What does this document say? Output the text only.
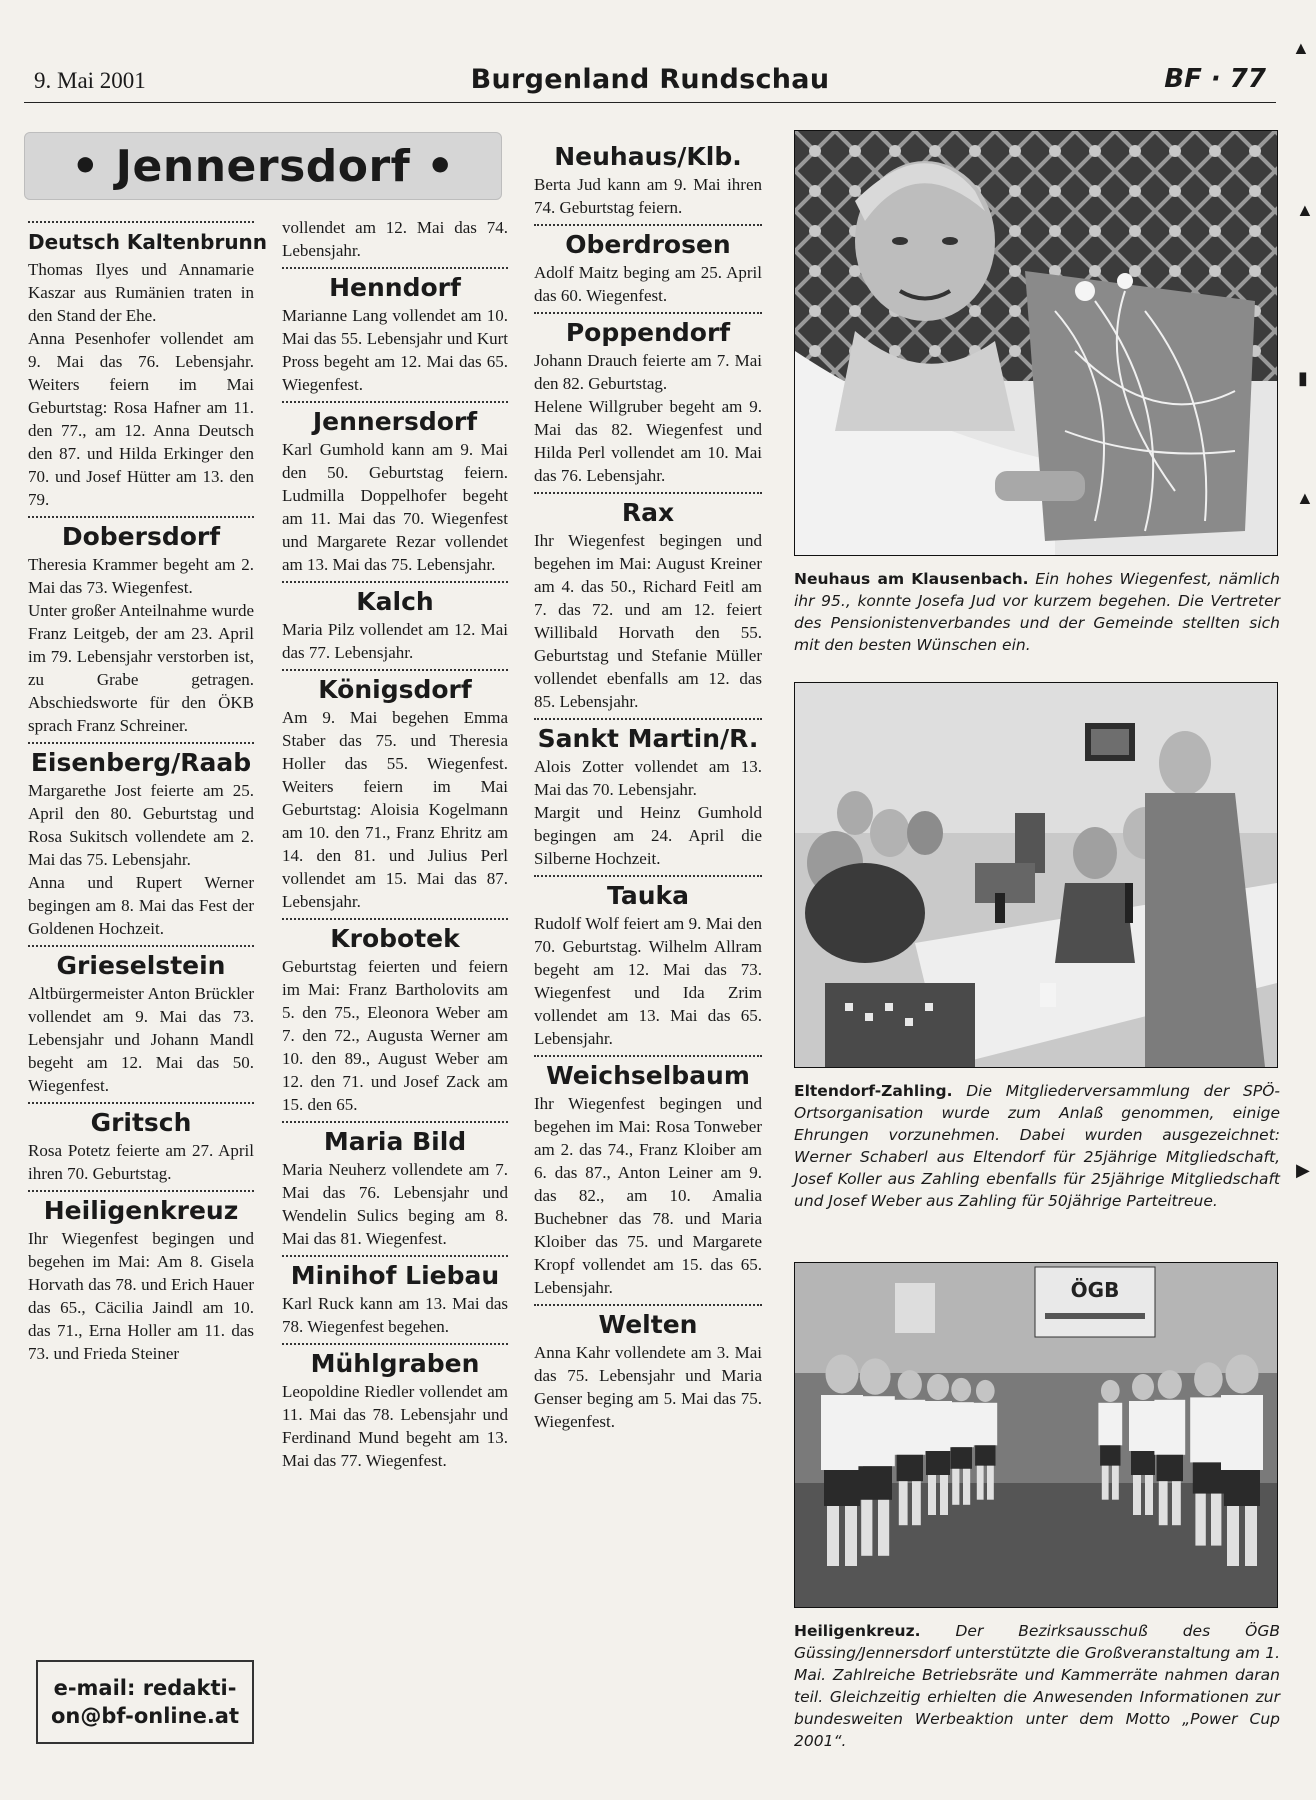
9. Mai 2001	Burgenland Rundschau	BF · 77
• Jennersdorf •
Deutsch Kaltenbrunn

Thomas Ilyes und Annamarie Kaszar aus Rumänien traten in den Stand der Ehe.

Anna Pesenhofer vollendet am 9. Mai das 76. Lebensjahr. Weiters feiern im Mai Geburtstag: Rosa Hafner am 11. den 77., am 12. Anna Deutsch den 87. und Hilda Erkinger den 70. und Josef Hütter am 13. den 79.

Dobersdorf

Theresia Krammer begeht am 2. Mai das 73. Wiegenfest.

Unter großer Anteilnahme wurde Franz Leitgeb, der am 23. April im 79. Lebensjahr verstorben ist, zu Grabe getragen. Abschiedsworte für den ÖKB sprach Franz Schreiner.

Eisenberg/Raab

Margarethe Jost feierte am 25. April den 80. Geburtstag und Rosa Sukitsch vollendete am 2. Mai das 75. Lebensjahr.

Anna und Rupert Werner begingen am 8. Mai das Fest der Goldenen Hochzeit.

Grieselstein

Altbürgermeister Anton Brückler vollendet am 9. Mai das 73. Lebensjahr und Johann Mandl begeht am 12. Mai das 50. Wiegenfest.

Gritsch

Rosa Potetz feierte am 27. April ihren 70. Geburtstag.

Heiligenkreuz

Ihr Wiegenfest begingen und begehen im Mai: Am 8. Gisela Horvath das 78. und Erich Hauer das 65., Cäcilia Jaindl am 10. das 71., Erna Holler am 11. das 73. und Frieda Steiner

vollendet am 12. Mai das 74. Lebensjahr.

Henndorf

Marianne Lang vollendet am 10. Mai das 55. Lebensjahr und Kurt Pross begeht am 12. Mai das 65. Wiegenfest.

Jennersdorf

Karl Gumhold kann am 9. Mai den 50. Geburtstag feiern. Ludmilla Doppelhofer begeht am 11. Mai das 70. Wiegenfest und Margarete Rezar vollendet am 13. Mai das 75. Lebensjahr.

Kalch

Maria Pilz vollendet am 12. Mai das 77. Lebensjahr.

Königsdorf

Am 9. Mai begehen Emma Staber das 75. und Theresia Holler das 55. Wiegenfest. Weiters feiern im Mai Geburtstag: Aloisia Kogelmann am 10. den 71., Franz Ehritz am 14. den 81. und Julius Perl vollendet am 15. Mai das 87. Lebensjahr.

Krobotek

Geburtstag feierten und feiern im Mai: Franz Bartholovits am 5. den 75., Eleonora Weber am 7. den 72., Augusta Werner am 10. den 89., August Weber am 12. den 71. und Josef Zack am 15. den 65.

Maria Bild

Maria Neuherz vollendete am 7. Mai das 76. Lebensjahr und Wendelin Sulics beging am 8. Mai das 81. Wiegenfest.

Minihof Liebau

Karl Ruck kann am 13. Mai das 78. Wiegenfest begehen.

Mühlgraben

Leopoldine Riedler vollendet am 11. Mai das 78. Lebensjahr und Ferdinand Mund begeht am 13. Mai das 77. Wiegenfest.

Neuhaus/Klb.

Berta Jud kann am 9. Mai ihren 74. Geburtstag feiern.

Oberdrosen

Adolf Maitz beging am 25. April das 60. Wiegenfest.

Poppendorf

Johann Drauch feierte am 7. Mai den 82. Geburtstag.

Helene Willgruber begeht am 9. Mai das 82. Wiegenfest und Hilda Perl vollendet am 10. Mai das 76. Lebensjahr.

Rax

Ihr Wiegenfest begingen und begehen im Mai: August Kreiner am 4. das 50., Richard Feitl am 7. das 72. und am 12. feiert Willibald Horvath den 55. Geburtstag und Stefanie Müller vollendet ebenfalls am 12. das 85. Lebensjahr.

Sankt Martin/R.

Alois Zotter vollendet am 13. Mai das 70. Lebensjahr.

Margit und Heinz Gumhold begingen am 24. April die Silberne Hochzeit.

Tauka

Rudolf Wolf feiert am 9. Mai den 70. Geburtstag. Wilhelm Allram begeht am 12. Mai das 73. Wiegenfest und Ida Zrim vollendet am 13. Mai das 65. Lebensjahr.

Weichselbaum

Ihr Wiegenfest begingen und begehen im Mai: Rosa Tonweber am 2. das 74., Franz Kloiber am 6. das 87., Anton Leiner am 9. das 82., am 10. Amalia Buchebner das 78. und Maria Kloiber das 75. und Margarete Kropf vollendet am 15. das 65. Lebensjahr.

Welten

Anna Kahr vollendete am 3. Mai das 75. Lebensjahr und Maria Genser beging am 5. Mai das 75. Wiegenfest.

e-mail: redakti-
on@bf-online.at
Neuhaus am Klausenbach. Ein hohes Wiegenfest, nämlich ihr 95., konnte Josefa Jud vor kurzem begehen. Die Vertreter des Pensionistenverbandes und der Gemeinde stellten sich mit den besten Wünschen ein.
Eltendorf-Zahling. Die Mitgliederversammlung der SPÖ-Ortsorganisation wurde zum Anlaß genommen, einige Ehrungen vorzunehmen. Dabei wurden ausgezeichnet: Werner Schaberl aus Eltendorf für 25jährige Mitgliedschaft, Josef Koller aus Zahling ebenfalls für 25jährige Mitgliedschaft und Josef Weber aus Zahling für 50jährige Parteitreue.
ÖGB
Heiligenkreuz. Der Bezirksausschuß des ÖGB Güssing/Jennersdorf unterstützte die Großveranstaltung am 1. Mai. Zahlreiche Betriebsräte und Kammerräte nahmen daran teil. Gleichzeitig erhielten die Anwesenden Informationen zur bundesweiten Werbeaktion unter dem Motto „Power Cup 2001“.
▲
▲
▮
▲
▶
